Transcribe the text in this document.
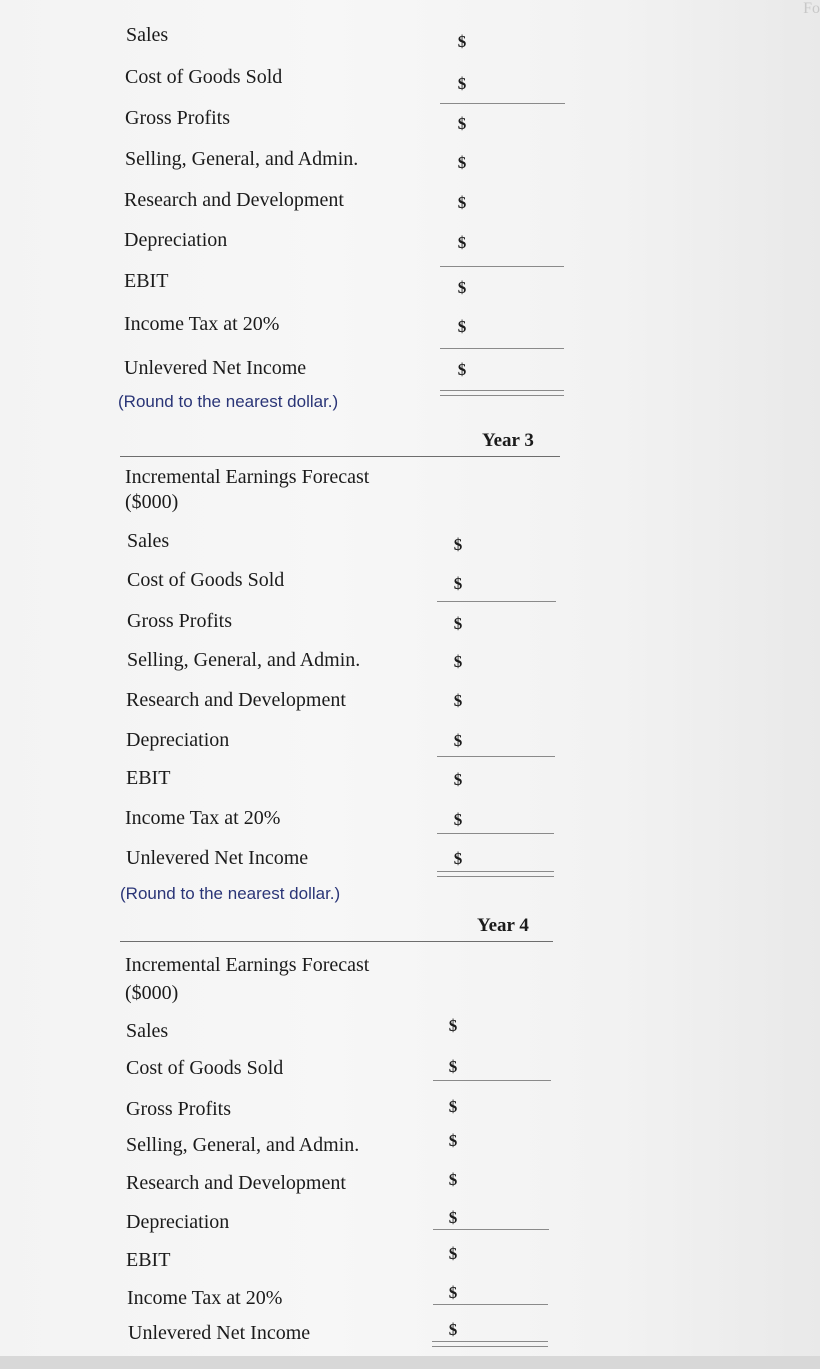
Fo
Sales
Cost of Goods Sold
Gross Profits
Selling, General, and Admin.
Research and Development
Depreciation
EBIT
Income Tax at 20%
Unlevered Net Income
$
$
$
$
$
$
$
$
$
(Round to the nearest dollar.)
Year 3
Incremental Earnings Forecast
($000)
Sales
Cost of Goods Sold
Gross Profits
Selling, General, and Admin.
Research and Development
Depreciation
EBIT
Income Tax at 20%
Unlevered Net Income
$
$
$
$
$
$
$
$
$
(Round to the nearest dollar.)
Year 4
Incremental Earnings Forecast
($000)
Sales
Cost of Goods Sold
Gross Profits
Selling, General, and Admin.
Research and Development
Depreciation
EBIT
Income Tax at 20%
Unlevered Net Income
$
$
$
$
$
$
$
$
$
